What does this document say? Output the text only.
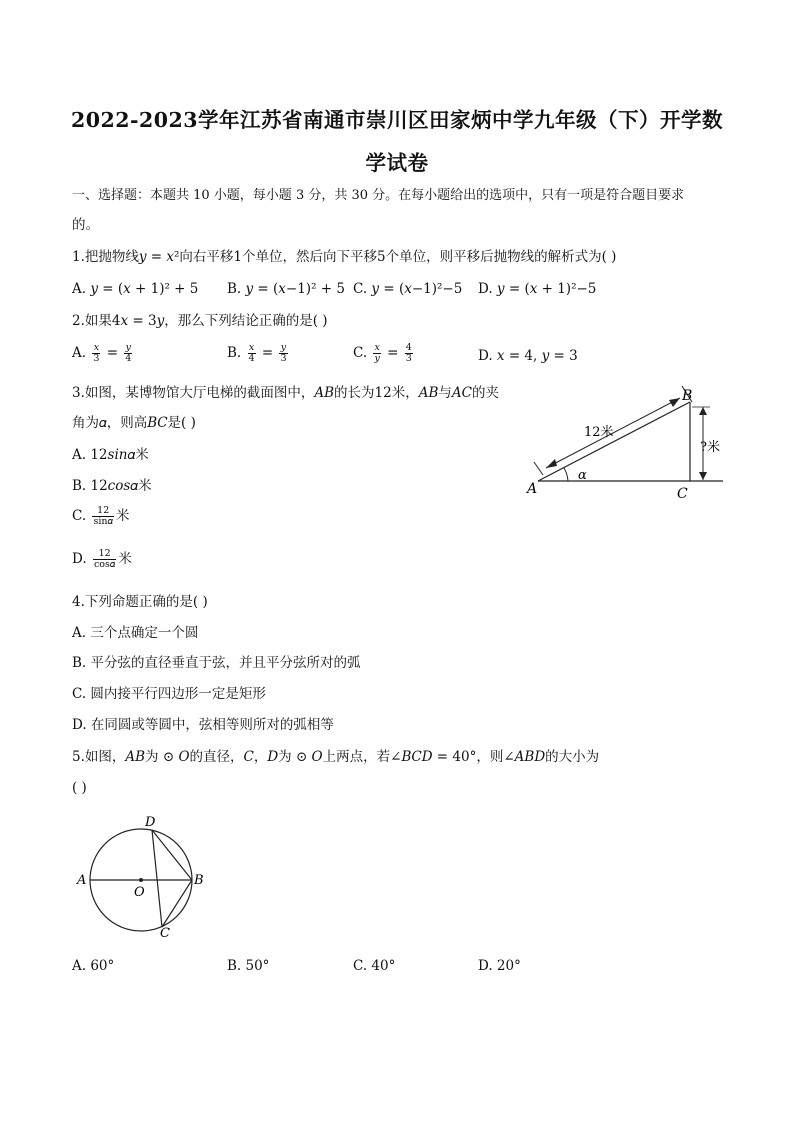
2022-2023学年江苏省南通市崇川区田家炳中学九年级（下）开学数
学试卷
一、选择题：本题共 10 小题，每小题 3 分，共 30 分。在每小题给出的选项中，只有一项是符合题目要求
的。
1.把抛物线𝑦 = 𝑥²向右平移1个单位，然后向下平移5个单位，则平移后抛物线的解析式为( )
A. 𝑦 = (𝑥 + 1)² + 5 B. 𝑦 = (𝑥−1)² + 5 C. 𝑦 = (𝑥−1)²−5 D. 𝑦 = (𝑥 + 1)²−5
2.如果4𝑥 = 3𝑦，那么下列结论正确的是( )
A. $\frac{\text{𝑥}}{3} = \frac{\text{𝑦}}{4}$	B. $\frac{\text{𝑥}}{4} = \frac{\text{𝑦}}{3}$	C. $\frac{\text{𝑥}}{\text{𝑦}} = \frac{4}{3}$	D. 𝑥 = 4, 𝑦 = 3
3.如图，某博物馆大厅电梯的截面图中，𝐴𝐵的长为12米，𝐴𝐵与𝐴𝐶的夹
角为𝛼，则高𝐵𝐶是( )
A. 12𝑠𝑖𝑛𝛼米
B. 12𝑐𝑜𝑠𝛼米
C. $\frac{12}{\text{sin𝛼}}$ 米
D. $\frac{12}{\text{cos𝛼}}$ 米
A
B
C
α
12米
?米
4.下列命题正确的是( )
A. 三个点确定一个圆
B. 平分弦的直径垂直于弦，并且平分弦所对的弧
C. 圆内接平行四边形一定是矩形
D. 在同圆或等圆中，弦相等则所对的弧相等
5.如图，𝐴𝐵为 ⊙ 𝑂的直径，𝐶，𝐷为 ⊙ 𝑂上两点，若∠𝐵𝐶𝐷 = 40°，则∠𝐴𝐵𝐷的大小为
( )
A	B
C
D
O
A. 60°	B. 50°	C. 40°	D. 20°
